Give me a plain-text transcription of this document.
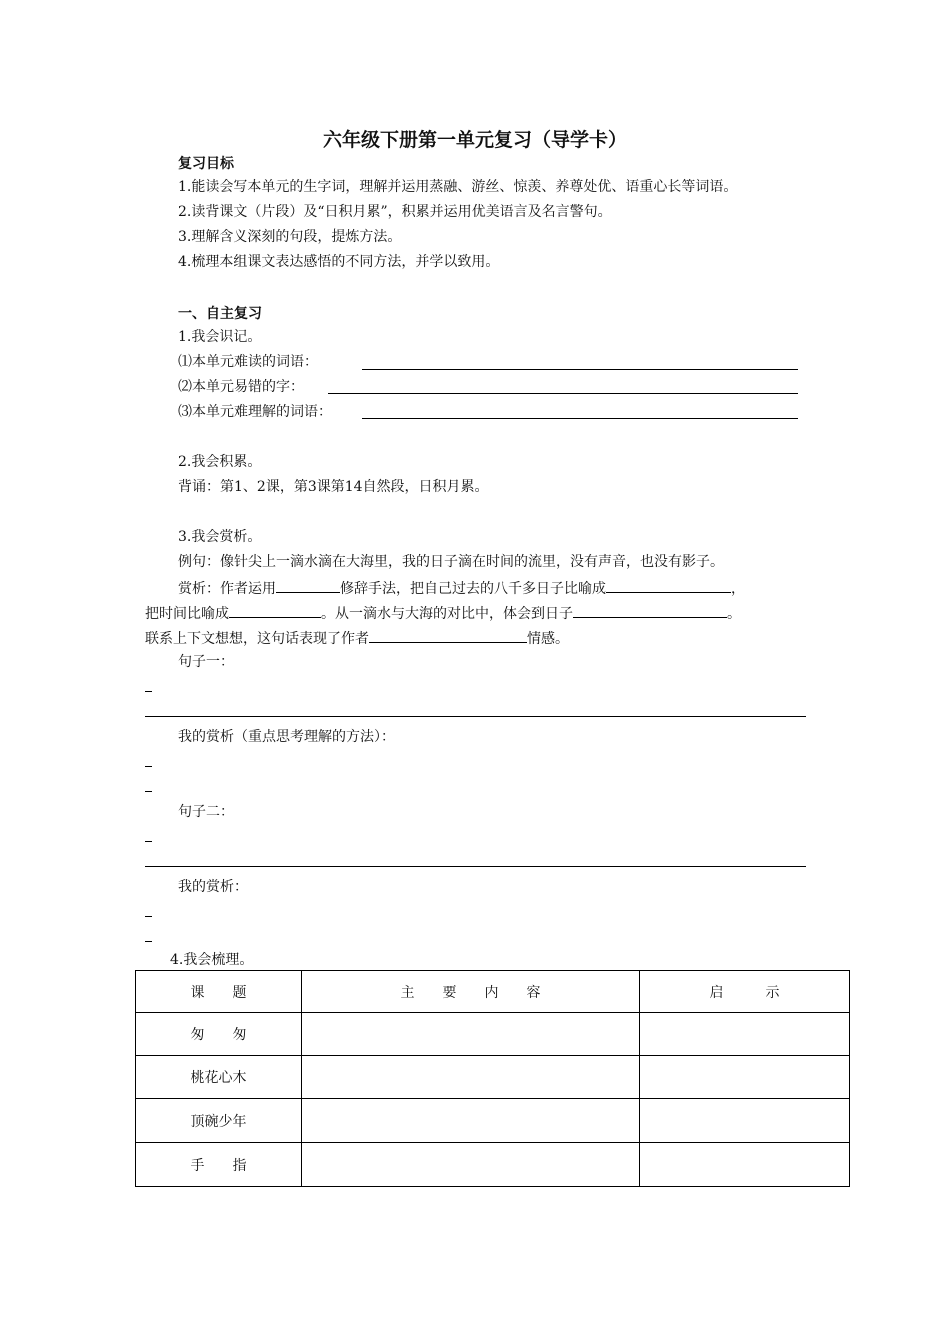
六年级下册第一单元复习（导学卡）
复习目标
1.能读会写本单元的生字词，理解并运用蒸融、游丝、惊羡、养尊处优、语重心长等词语。
2.读背课文（片段）及“日积月累”，积累并运用优美语言及名言警句。
3.理解含义深刻的句段，提炼方法。
4.梳理本组课文表达感悟的不同方法，并学以致用。
一、自主复习
1.我会识记。
⑴本单元难读的词语：
⑵本单元易错的字：
⑶本单元难理解的词语：
2.我会积累。
背诵：第1、2课，第3课第14自然段，日积月累。
3.我会赏析。
例句：像针尖上一滴水滴在大海里，我的日子滴在时间的流里，没有声音，也没有影子。
赏析：作者运用	修辞手法，把自己过去的八千多日子比喻成	，
把时间比喻成	。从一滴水与大海的对比中，体会到日子	。
联系上下文想想，这句话表现了作者	情感。
句子一：
我的赏析（重点思考理解的方法）：
句子二：
我的赏析：
4.我会梳理。
课　　题	主　　要　　内　　容	启　　　示
匆　　匆		
桃花心木		
顶碗少年		
手　　指		
